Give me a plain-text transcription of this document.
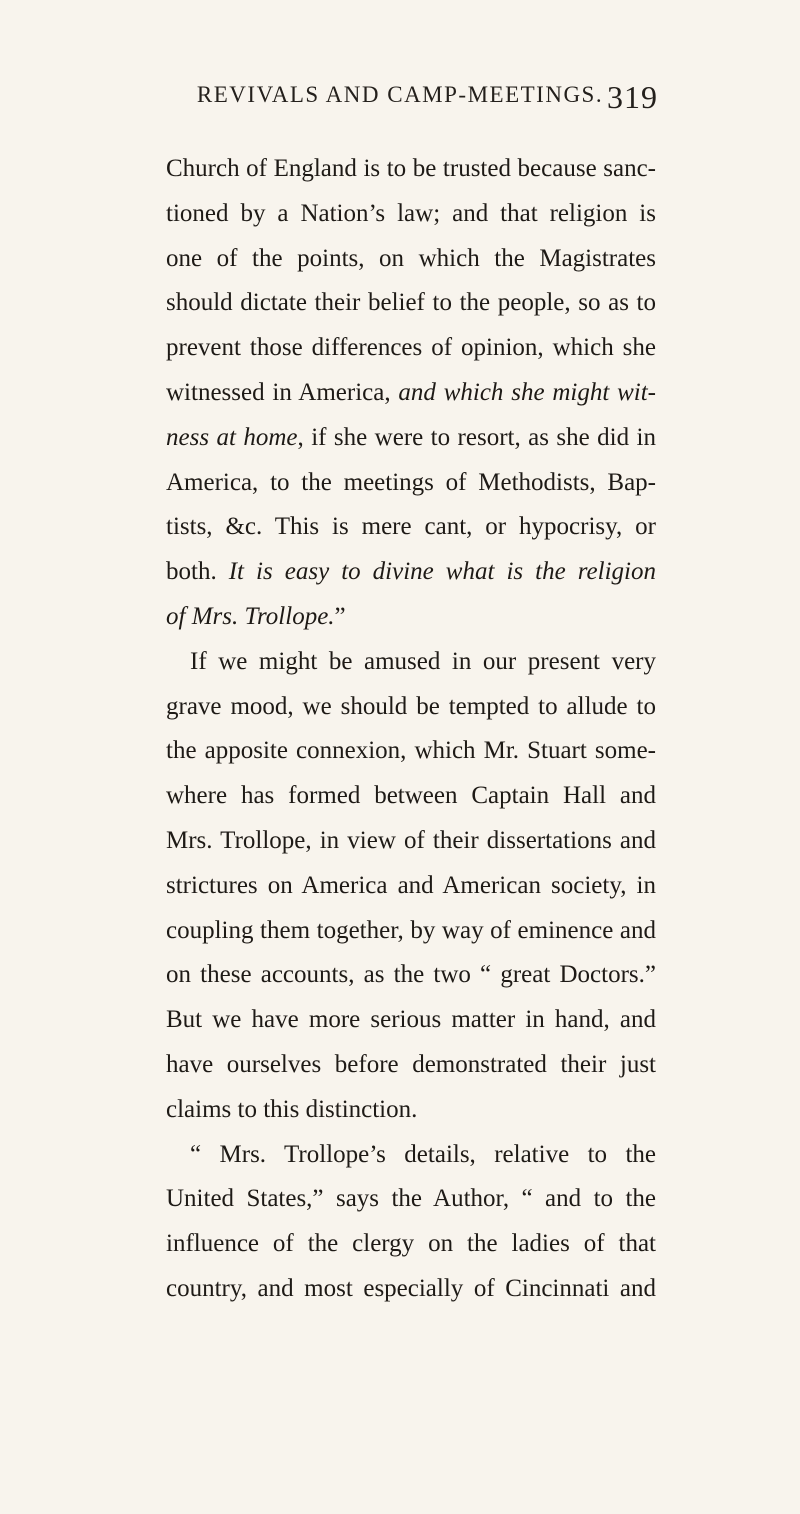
REVIVALS AND CAMP-MEETINGS. 319
Church of England is to be trusted because sanc-
tioned by a Nation’s law; and that religion is
one of the points, on which the Magistrates
should dictate their belief to the people, so as to
prevent those differences of opinion, which she
witnessed in America, and which she might wit-
ness at home, if she were to resort, as she did in
America, to the meetings of Methodists, Bap-
tists, &c. This is mere cant, or hypocrisy, or
both. It is easy to divine what is the religion
of Mrs. Trollope.”
If we might be amused in our present very
grave mood, we should be tempted to allude to
the apposite connexion, which Mr. Stuart some-
where has formed between Captain Hall and
Mrs. Trollope, in view of their dissertations and
strictures on America and American society, in
coupling them together, by way of eminence and
on these accounts, as the two “ great Doctors.”
But we have more serious matter in hand, and
have ourselves before demonstrated their just
claims to this distinction.
“ Mrs. Trollope’s details, relative to the
United States,” says the Author, “ and to the
influence of the clergy on the ladies of that
country, and most especially of Cincinnati and
